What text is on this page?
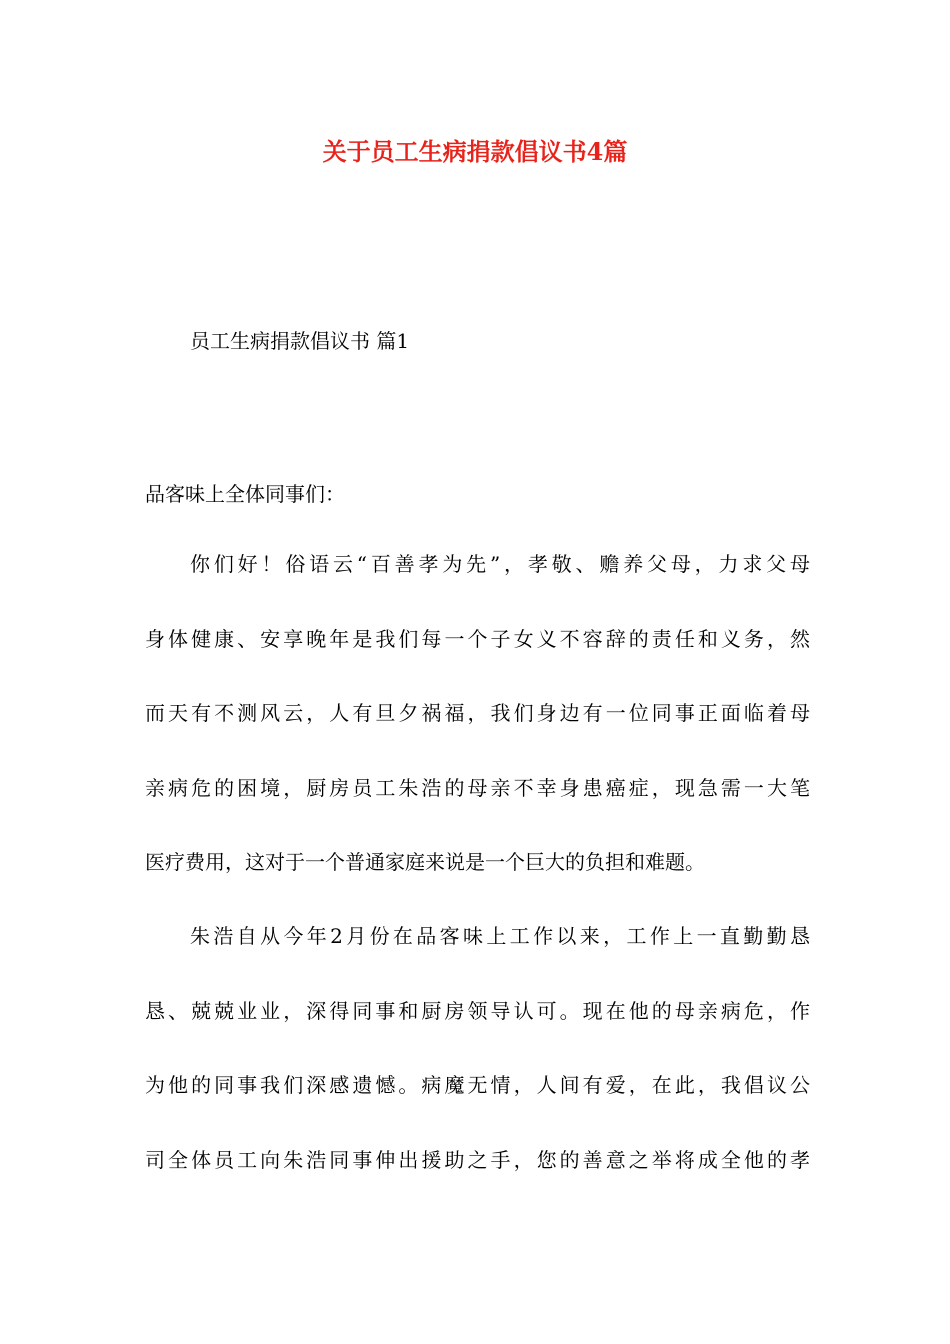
关于员工生病捐款倡议书4篇
员工生病捐款倡议书 篇1
品客味上全体同事们：
你们好！俗语云“百善孝为先”，孝敬、赡养父母，力求父母
身体健康、安享晚年是我们每一个子女义不容辞的责任和义务，然
而天有不测风云，人有旦夕祸福，我们身边有一位同事正面临着母
亲病危的困境，厨房员工朱浩的母亲不幸身患癌症，现急需一大笔
医疗费用，这对于一个普通家庭来说是一个巨大的负担和难题。
朱浩自从今年2月份在品客味上工作以来，工作上一直勤勤恳
恳、兢兢业业，深得同事和厨房领导认可。现在他的母亲病危，作
为他的同事我们深感遗憾。病魔无情，人间有爱，在此，我倡议公
司全体员工向朱浩同事伸出援助之手，您的善意之举将成全他的孝
